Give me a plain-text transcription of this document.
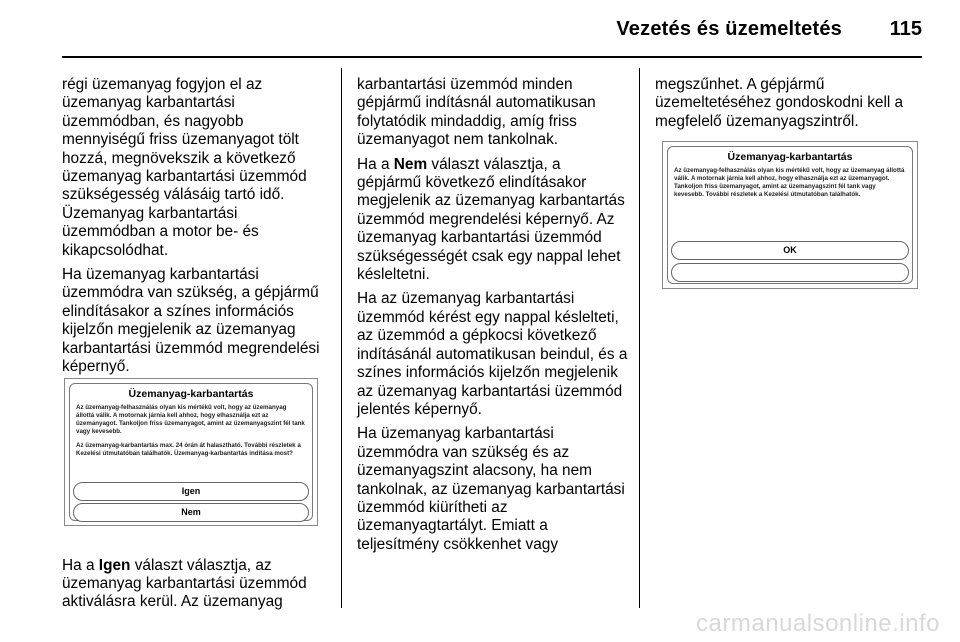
Vezetés és üzemeltetés 115

régi üzemanyag fogyjon el az üzemanyag karbantartási üzemmódban, és nagyobb mennyiségű friss üzemanyagot tölt hozzá, megnövekszik a következő üzemanyag karbantartási üzemmód szükségesség válásáig tartó idő. Üzemanyag karbantartási üzemmódban a motor be- és kikapcsolódhat.

Ha üzemanyag karbantartási üzemmódra van szükség, a gépjármű elindításakor a színes információs kijelzőn megjelenik az üzemanyag karbantartási üzemmód megrendelési képernyő.

Ha a Igen választ választja, az üzemanyag karbantartási üzemmód aktiválásra kerül. Az üzemanyag

Üzemanyag-karbantartás
Az üzemanyag-felhasználás olyan kis mértékű volt, hogy az üzemanyag állottá válik. A motornak járnia kell ahhoz, hogy elhasználja ezt az üzemanyagot. Tankoljon friss üzemanyagot, amint az üzemanyagszint fél tank vagy kevesebb.
Az üzemanyag-karbantartás max. 24 órán át halasztható. További részletek a Kezelési útmutatóban találhatók. Üzemanyag-karbantartás indítása most?
Igen
Nem

karbantartási üzemmód minden gépjármű indításnál automatikusan folytatódik mindaddig, amíg friss üzemanyagot nem tankolnak.

Ha a Nem választ választja, a gépjármű következő elindításakor megjelenik az üzemanyag karbantartás üzemmód megrendelési képernyő. Az üzemanyag karbantartási üzemmód szükségességét csak egy nappal lehet késleltetni.

Ha az üzemanyag karbantartási üzemmód kérést egy nappal késlelteti, az üzemmód a gépkocsi következő indításánál automatikusan beindul, és a színes információs kijelzőn megjelenik az üzemanyag karbantartási üzemmód jelentés képernyő.

Ha üzemanyag karbantartási üzemmódra van szükség és az üzemanyagszint alacsony, ha nem tankolnak, az üzemanyag karbantartási üzemmód kiürítheti az üzemanyagtartályt. Emiatt a teljesítmény csökkenhet vagy

megszűnhet. A gépjármű üzemeltetéséhez gondoskodni kell a megfelelő üzemanyagszintről.

Üzemanyag-karbantartás
Az üzemanyag-felhasználás olyan kis mértékű volt, hogy az üzemanyag állottá válik. A motornak járnia kell ahhoz, hogy elhasználja ezt az üzemanyagot. Tankoljon friss üzemanyagot, amint az üzemanyagszint fél tank vagy kevesebb. További részletek a Kezelési útmutatóban találhatók.
OK
carmanualsonline.info
